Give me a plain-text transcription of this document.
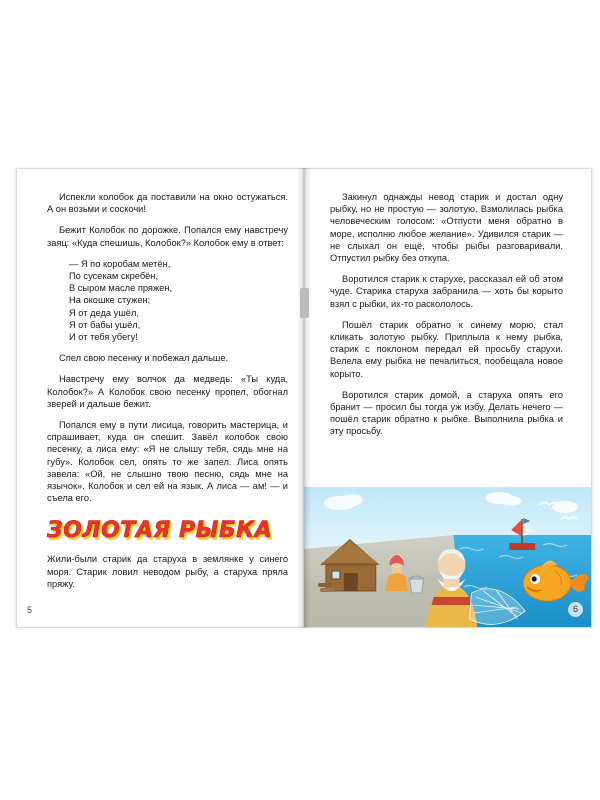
Испекли колобок да поставили на окно остужаться. А он возьми и соскочи!

Бежит Колобок по дорожке. Попался ему навстречу заяц: «Куда спешишь, Колобок?» Колобок ему в ответ:

— Я по коробам метён,
По сусекам скребён,
В сыром масле пряжен,
На окошке стужен;
Я от деда ушёл,
Я от бабы ушёл,
И от тебя убегу!

Спел свою песенку и побежал дальше.

Навстречу ему волчок да медведь: «Ты куда, Колобок?» А Колобок свою песенку пропел, обогнал зверей и дальше бежит.

Попался ему в пути лисица, говорить мастерица, и спрашивает, куда он спешит. Завёл колобок свою песенку, а лиса ему: «Я не слышу тебя, сядь мне на губу». Колобок сел, опять то же запел. Лиса опять завела: «Ой, не слышно твою песню, сядь мне на язычок». Колобок и сел ей на язык. А лиса — ам! — и съела его.

ЗОЛОТАЯ РЫБКА

Жили-были старик да старуха в землянке у синего моря. Старик ловил неводом рыбу, а старуха пряла пряжу.

5

Закинул однажды невод старик и достал одну рыбку, но не простую — золотую. Взмолилась рыбка человеческим голосом: «Отпусти меня обратно в море, исполню любое желание». Удивился старик — не слыхал он ещё, чтобы рыбы разговаривали. Отпустил рыбку без откупа.

Воротился старик к старухе, рассказал ей об этом чуде. Старика старуха забранила — хоть бы корыто взял с рыбки, их-то раскололось.

Пошёл старик обратно к синему морю, стал кликать золотую рыбку. Приплыла к нему рыбка, старик с поклоном передал ей просьбу старухи. Велела ему рыбка не печалиться, пообещала новое корыто.

Воротился старик домой, а старуха опять его бранит — просил бы тогда уж избу. Делать нечего — пошёл старик обратно к рыбке. Выполнила рыбка и эту просьбу.

6
